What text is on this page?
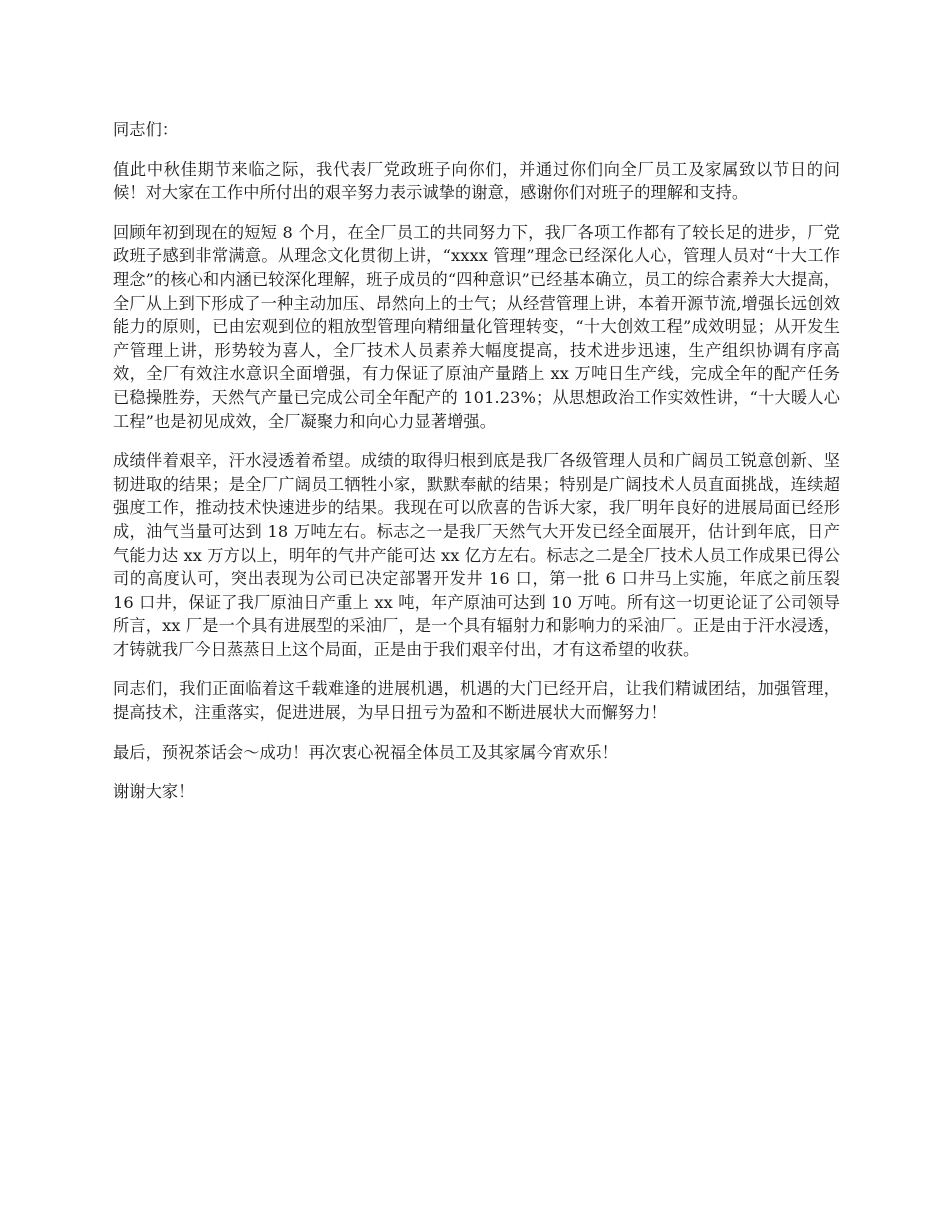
同志们：

值此中秋佳期节来临之际，我代表厂党政班子向你们，并通过你们向全厂员工及家属致以节日的问候！对大家在工作中所付出的艰辛努力表示诚挚的谢意，感谢你们对班子的理解和支持。

回顾年初到现在的短短 8 个月，在全厂员工的共同努力下，我厂各项工作都有了较长足的进步，厂党政班子感到非常满意。从理念文化贯彻上讲，“xxxx 管理”理念已经深化人心，管理人员对“十大工作理念”的核心和内涵已较深化理解，班子成员的“四种意识”已经基本确立，员工的综合素养大大提高，全厂从上到下形成了一种主动加压、昂然向上的士气；从经营管理上讲，本着开源节流,增强长远创效能力的原则，已由宏观到位的粗放型管理向精细量化管理转变，“十大创效工程”成效明显；从开发生产管理上讲，形势较为喜人，全厂技术人员素养大幅度提高，技术进步迅速，生产组织协调有序高效，全厂有效注水意识全面增强，有力保证了原油产量踏上 xx 万吨日生产线，完成全年的配产任务已稳操胜券，天然气产量已完成公司全年配产的 101.23%；从思想政治工作实效性讲，“十大暖人心工程”也是初见成效，全厂凝聚力和向心力显著增强。

成绩伴着艰辛，汗水浸透着希望。成绩的取得归根到底是我厂各级管理人员和广阔员工锐意创新、坚韧进取的结果；是全厂广阔员工牺牲小家，默默奉献的结果；特别是广阔技术人员直面挑战，连续超强度工作，推动技术快速进步的结果。我现在可以欣喜的告诉大家，我厂明年良好的进展局面已经形成，油气当量可达到 18 万吨左右。标志之一是我厂天然气大开发已经全面展开，估计到年底，日产气能力达 xx 万方以上，明年的气井产能可达 xx 亿方左右。标志之二是全厂技术人员工作成果已得公司的高度认可，突出表现为公司已决定部署开发井 16 口，第一批 6 口井马上实施，年底之前压裂 16 口井，保证了我厂原油日产重上 xx 吨，年产原油可达到 10 万吨。所有这一切更论证了公司领导所言，xx 厂是一个具有进展型的采油厂，是一个具有辐射力和影响力的采油厂。正是由于汗水浸透，才铸就我厂今日蒸蒸日上这个局面，正是由于我们艰辛付出，才有这希望的收获。

同志们，我们正面临着这千载难逢的进展机遇，机遇的大门已经开启，让我们精诚团结，加强管理，提高技术，注重落实，促进进展，为早日扭亏为盈和不断进展状大而懈努力！

最后，预祝茶话会～成功！再次衷心祝福全体员工及其家属今宵欢乐！

谢谢大家！
